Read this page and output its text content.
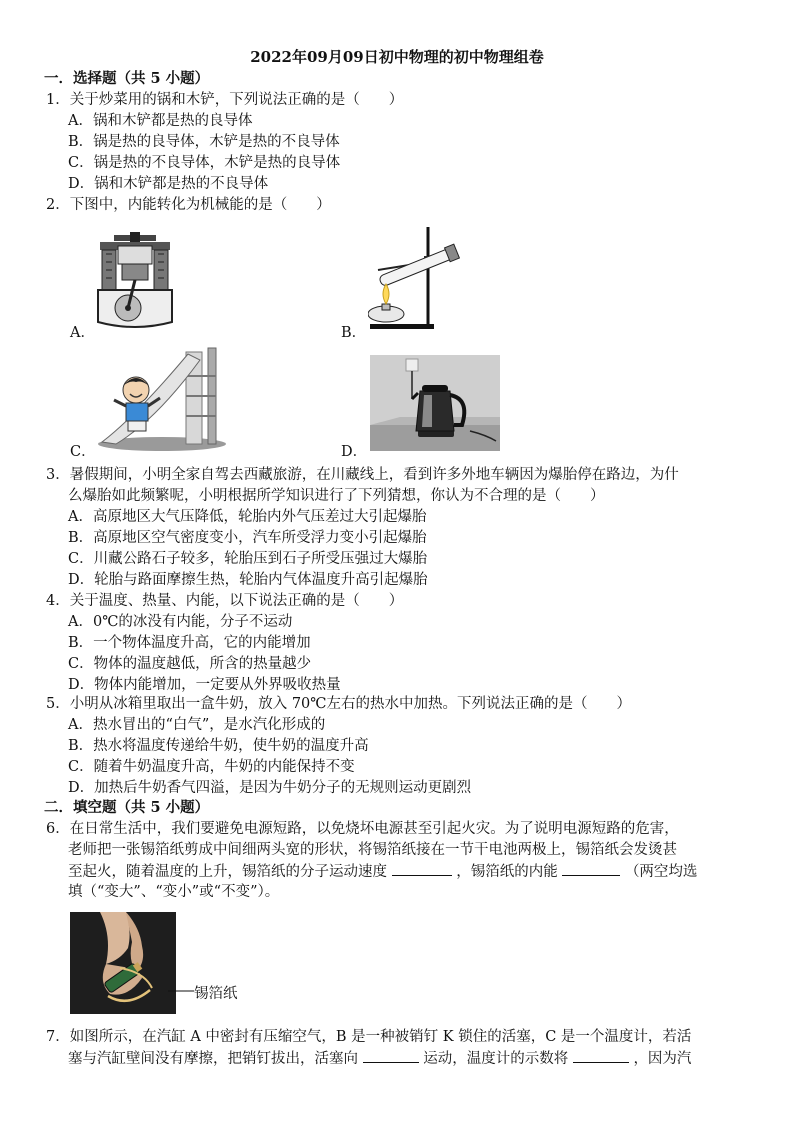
2022年09月09日初中物理的初中物理组卷
一．选择题（共 5 小题）
1．关于炒菜用的锅和木铲，下列说法正确的是（　　）
A．锅和木铲都是热的良导体
B．锅是热的良导体，木铲是热的不良导体
C．锅是热的不良导体，木铲是热的良导体
D．锅和木铲都是热的不良导体
2．下图中，内能转化为机械能的是（　　）
A．	B．
C．	D．
3．暑假期间，小明全家自驾去西藏旅游，在川藏线上，看到许多外地车辆因为爆胎停在路边，为什
么爆胎如此频繁呢，小明根据所学知识进行了下列猜想，你认为不合理的是（　　）
A．高原地区大气压降低，轮胎内外气压差过大引起爆胎
B．高原地区空气密度变小，汽车所受浮力变小引起爆胎
C．川藏公路石子较多，轮胎压到石子所受压强过大爆胎
D．轮胎与路面摩擦生热，轮胎内气体温度升高引起爆胎
4．关于温度、热量、内能，以下说法正确的是（　　）
A．0℃的冰没有内能，分子不运动
B．一个物体温度升高，它的内能增加
C．物体的温度越低，所含的热量越少
D．物体内能增加，一定要从外界吸收热量
5．小明从冰箱里取出一盒牛奶，放入 70℃左右的热水中加热。下列说法正确的是（　　）
A．热水冒出的“白气”，是水汽化形成的
B．热水将温度传递给牛奶，使牛奶的温度升高
C．随着牛奶温度升高，牛奶的内能保持不变
D．加热后牛奶香气四溢，是因为牛奶分子的无规则运动更剧烈
二．填空题（共 5 小题）
6．在日常生活中，我们要避免电源短路，以免烧坏电源甚至引起火灾。为了说明电源短路的危害，
老师把一张锡箔纸剪成中间细两头宽的形状，将锡箔纸接在一节干电池两极上，锡箔纸会发烫甚
至起火，随着温度的上升，锡箔纸的分子运动速度	，锡箔纸的内能	（两空均选
填（“变大”、“变小”或“不变”）。
锡箔纸
7．如图所示，在汽缸 A 中密封有压缩空气，B 是一种被销钉 K 锁住的活塞，C 是一个温度计，若活
塞与汽缸壁间没有摩擦，把销钉拔出，活塞向	运动，温度计的示数将	，因为汽
